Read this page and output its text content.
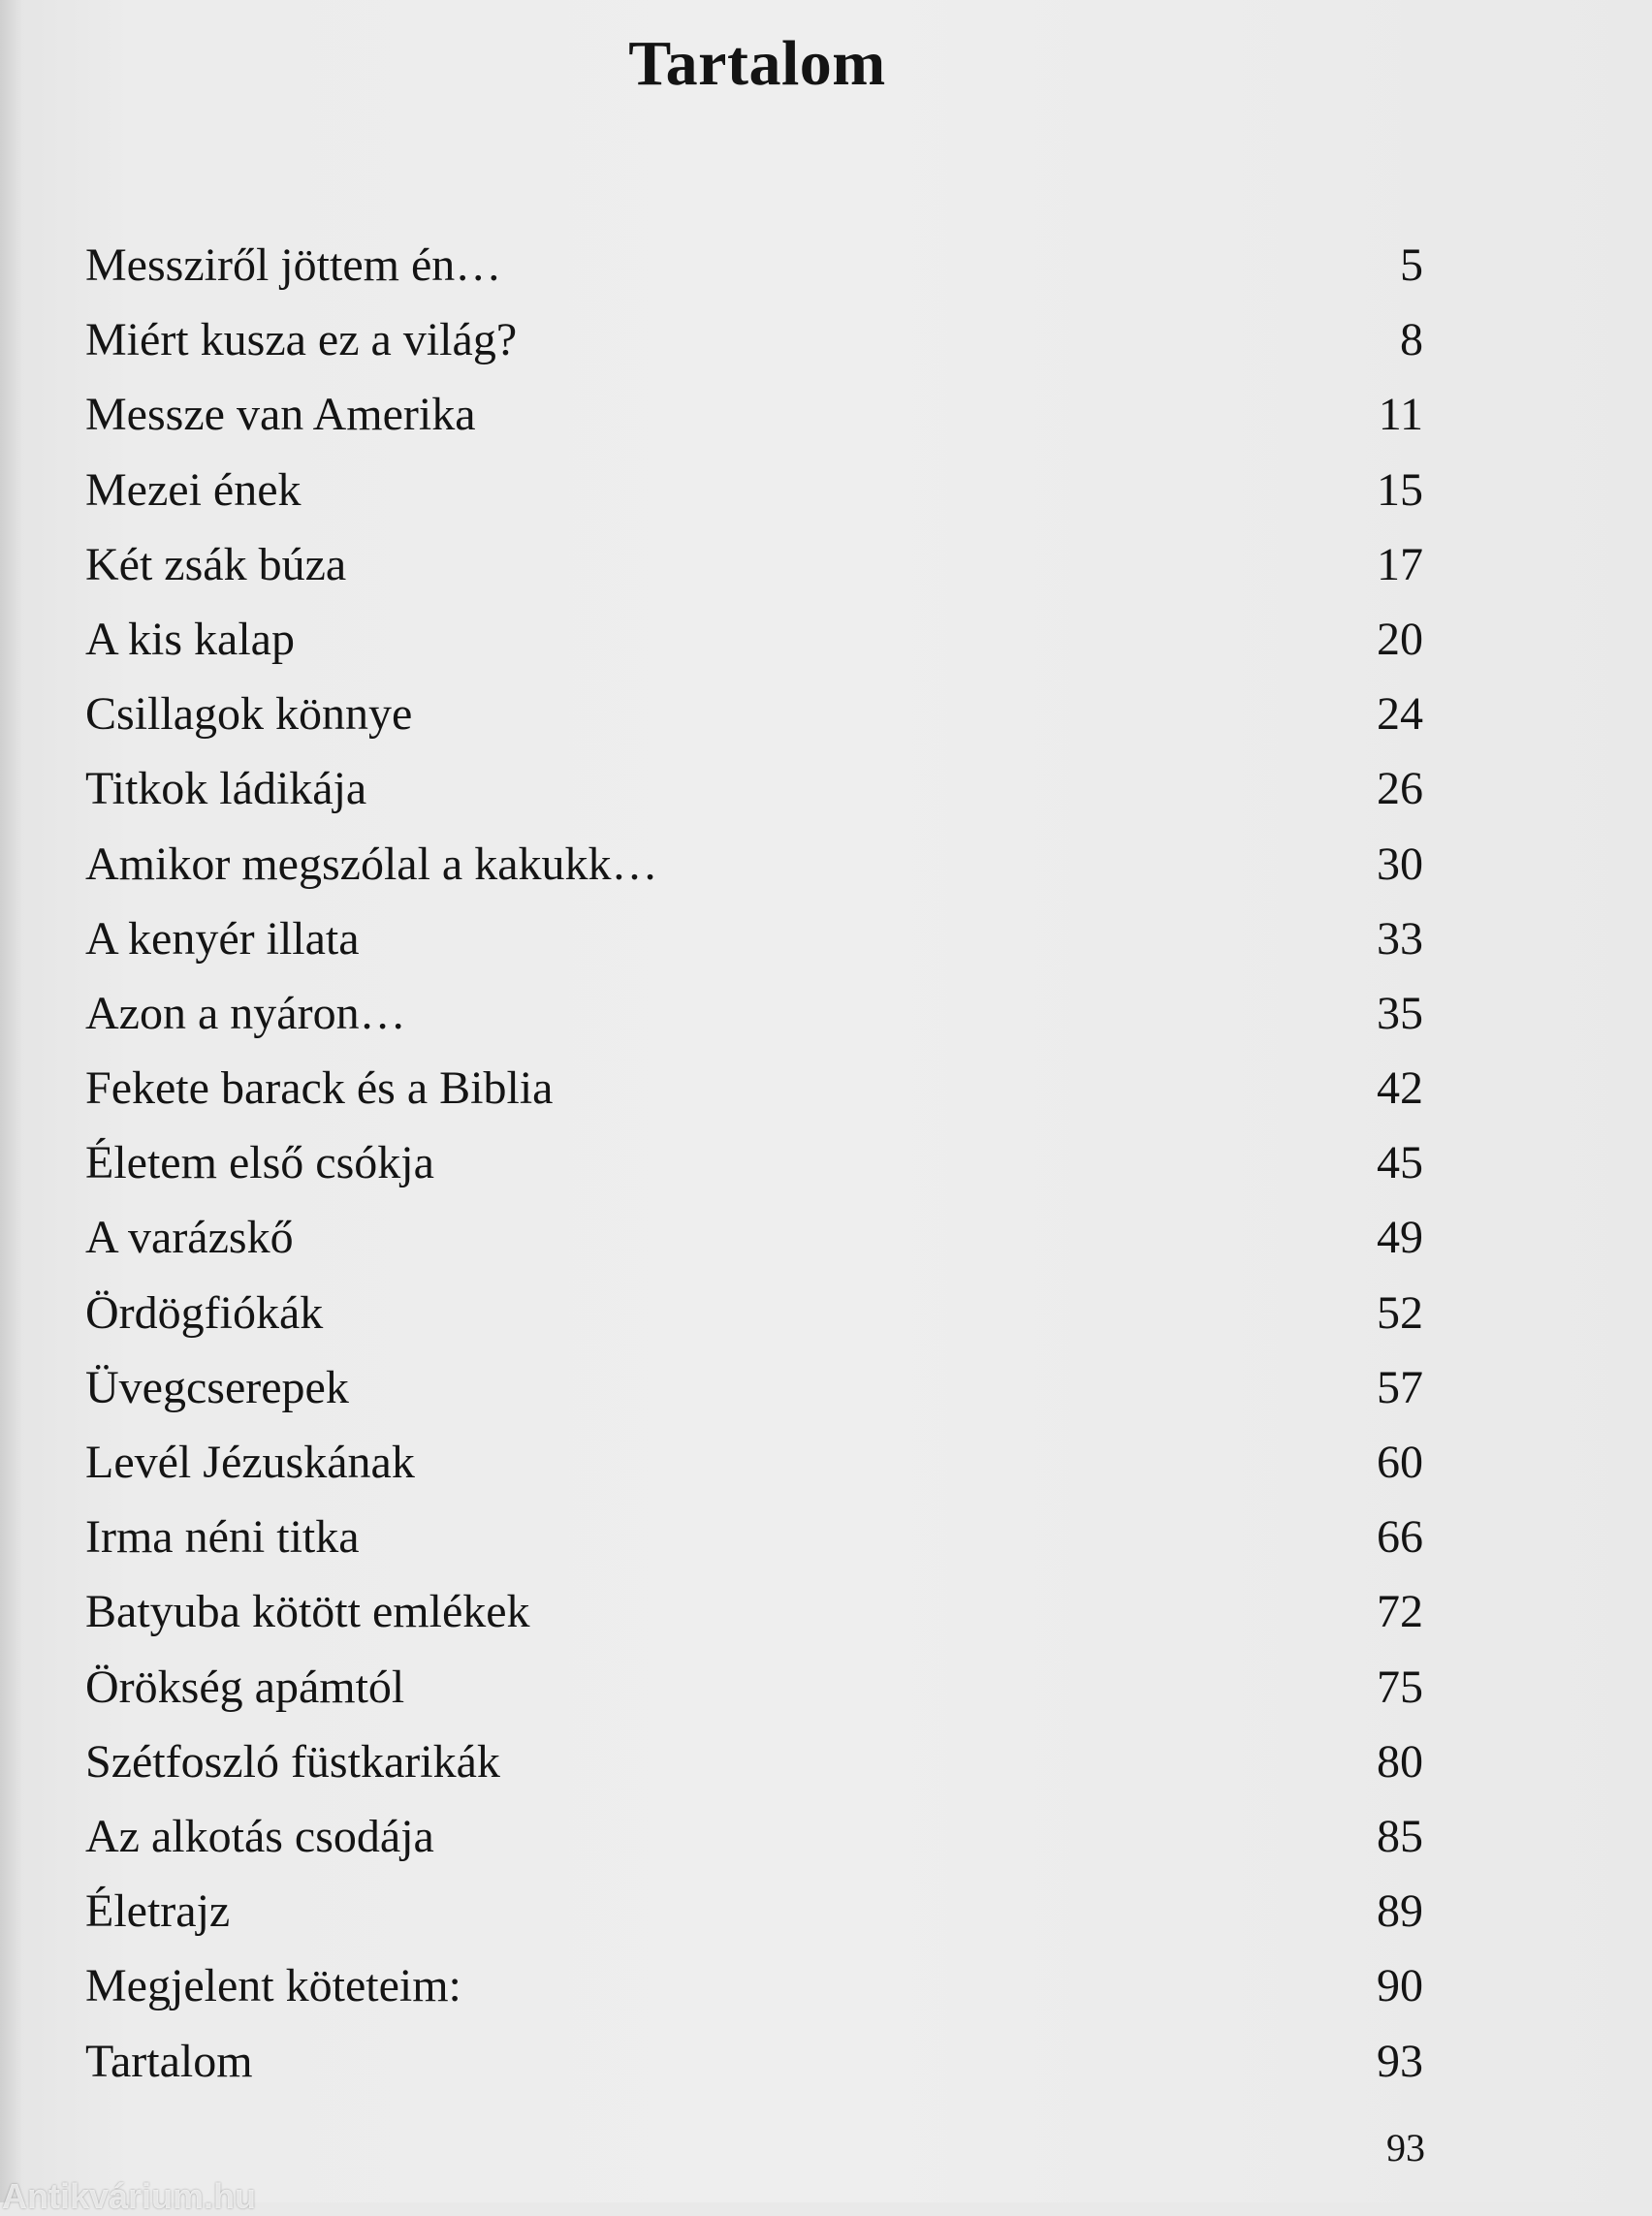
Tartalom
Messziről jöttem én…	5
Miért kusza ez a világ?	8
Messze van Amerika	11
Mezei ének	15
Két zsák búza	17
A kis kalap	20
Csillagok könnye	24
Titkok ládikája	26
Amikor megszólal a kakukk…	30
A kenyér illata	33
Azon a nyáron…	35
Fekete barack és a Biblia	42
Életem első csókja	45
A varázskő	49
Ördögfiókák	52
Üvegcserepek	57
Levél Jézuskának	60
Irma néni titka	66
Batyuba kötött emlékek	72
Örökség apámtól	75
Szétfoszló füstkarikák	80
Az alkotás csodája	85
Életrajz	89
Megjelent köteteim:	90
Tartalom	93
93
Antikvárium.hu
